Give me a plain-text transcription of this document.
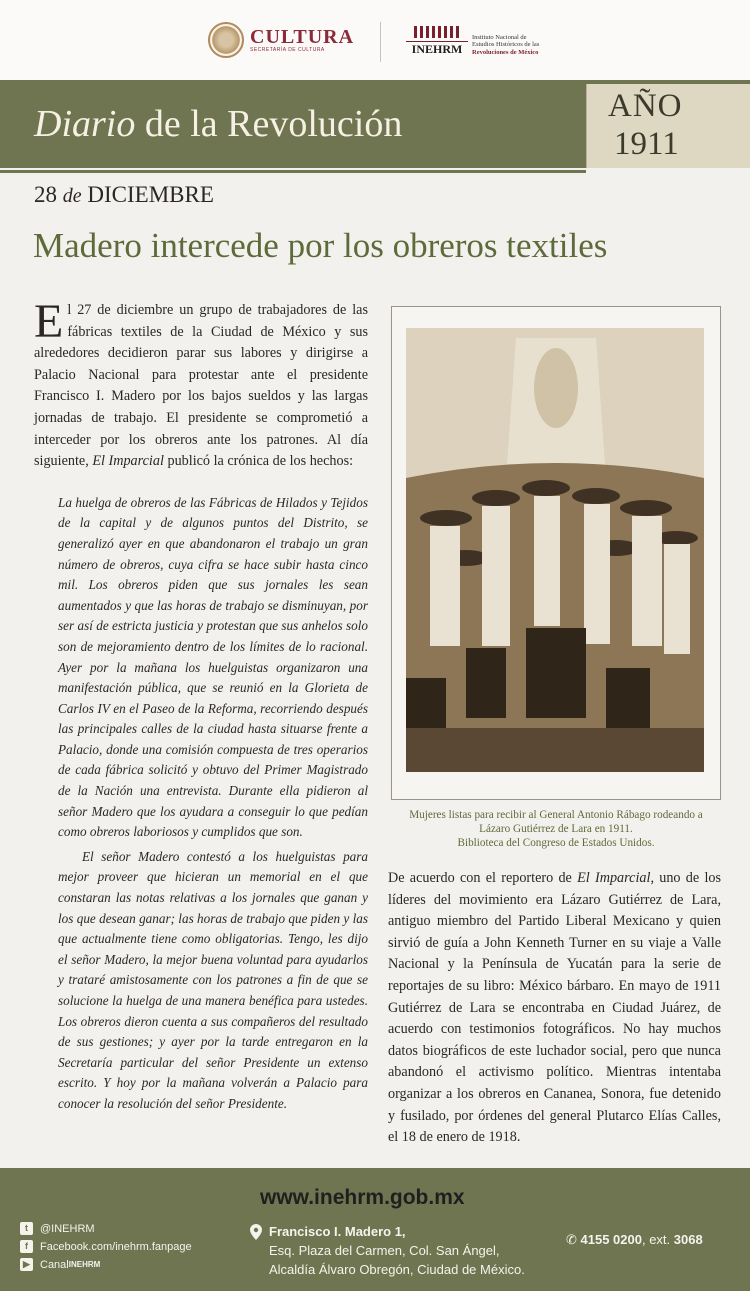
CULTURA
SECRETARÍA DE CULTURA	INEHRM
Instituto Nacional de
Estudios Históricos de las
Revoluciones de México
Diario de la Revolución	AÑO
1911
28 de DICIEMBRE
Madero intercede por los obreros textiles
El 27 de diciembre un grupo de trabajadores de las fábricas textiles de la Ciudad de México y sus alrededores decidieron parar sus labores y dirigirse a Palacio Nacional para protestar ante el presidente Francisco I. Madero por los bajos sueldos y las largas jornadas de trabajo. El presidente se comprometió a interceder por los obreros ante los patrones. Al día siguiente, El Imparcial publicó la crónica de los hechos:

La huelga de obreros de las Fábricas de Hilados y Tejidos de la capital y de algunos puntos del Distrito, se generalizó ayer en que abandonaron el trabajo un gran número de obreros, cuya cifra se hace subir hasta cinco mil. Los obreros piden que sus jornales les sean aumentados y que las horas de trabajo se disminuyan, por ser así de estricta justicia y protestan que sus anhelos solo son de mejoramiento dentro de los límites de lo racional. Ayer por la mañana los huelguistas organizaron una manifestación pública, que se reunió en la Glorieta de Carlos IV en el Paseo de la Reforma, recorriendo después las principales calles de la ciudad hasta situarse frente a Palacio, donde una comisión compuesta de tres operarios de cada fábrica solicitó y obtuvo del Primer Magistrado de la Nación una entrevista. Durante ella pidieron al señor Madero que los ayudara a conseguir lo que pedían como obreros laboriosos y cumplidos que son.

El señor Madero contestó a los huelguistas para mejor proveer que hicieran un memorial en el que constaran las notas relativas a los jornales que ganan y los que desean ganar; las horas de trabajo que piden y las que actualmente tiene como obligatorias. Tengo, les dijo el señor Madero, la mejor buena voluntad para ayudarlos y trataré amistosamente con los patrones a fin de que se solucione la huelga de una manera benéfica para ustedes. Los obreros dieron cuenta a sus compañeros del resultado de sus gestiones; y ayer por la tarde entregaron en la Secretaría particular del señor Presidente un extenso escrito. Y hoy por la mañana volverán a Palacio para conocer la resolución del señor Presidente.

Mujeres listas para recibir al General Antonio Rábago rodeando a
Lázaro Gutiérrez de Lara en 1911.
Biblioteca del Congreso de Estados Unidos.
De acuerdo con el reportero de El Imparcial, uno de los líderes del movimiento era Lázaro Gutiérrez de Lara, antiguo miembro del Partido Liberal Mexicano y quien sirvió de guía a John Kenneth Turner en su viaje a Valle Nacional y la Península de Yucatán para la serie de reportajes de su libro: México bárbaro. En mayo de 1911 Gutiérrez de Lara se encontraba en Ciudad Juárez, de acuerdo con testimonios fotográficos. No hay muchos datos biográficos de este luchador social, pero que nunca abandonó el activismo político. Mientras intentaba organizar a los obreros en Cananea, Sonora, fue detenido y fusilado, por órdenes del general Plutarco Elías Calles, el 18 de enero de 1918.
www.inehrm.gob.mx
t	@INEHRM
f	Facebook.com/inehrm.fanpage
▶ Canal INEHRM
Francisco I. Madero 1,
Esq. Plaza del Carmen, Col. San Ángel,
Alcaldía Álvaro Obregón, Ciudad de México.
✆ 4155 0200, ext. 3068
